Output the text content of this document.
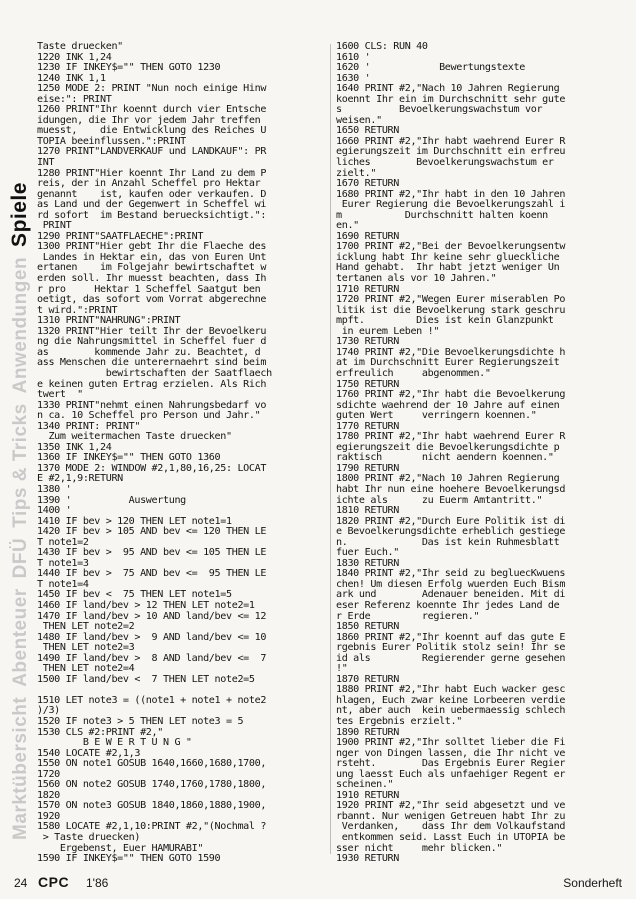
MarktübersichtAbenteuerDFÜTips & TricksAnwendungenSpiele
Taste druecken"
1220 INK 1,24
1230 IF INKEY$="" THEN GOTO 1230
1240 INK 1,1
1250 MODE 2: PRINT "Nun noch einige Hinw
eise:": PRINT
1260 PRINT"Ihr koennt durch vier Entsche
idungen, die Ihr vor jedem Jahr treffen
muesst,    die Entwicklung des Reiches U
TOPIA beeinflussen.":PRINT
1270 PRINT"LANDVERKAUF und LANDKAUF": PR
INT
1280 PRINT"Hier koennt Ihr Land zu dem P
reis, der in Anzahl Scheffel pro Hektar
genannt    ist, kaufen oder verkaufen. D
as Land und der Gegenwert in Scheffel wi
rd sofort  im Bestand beruecksichtigt.":
PRINT
1290 PRINT"SAATFLAECHE":PRINT
1300 PRINT"Hier gebt Ihr die Flaeche des
Landes in Hektar ein, das von Euren Unt
ertanen    im Folgejahr bewirtschaftet w
erden soll. Ihr muesst beachten, dass Ih
r pro     Hektar 1 Scheffel Saatgut ben
oetigt, das sofort vom Vorrat abgerechne
t wird.":PRINT
1310 PRINT"NAHRUNG":PRINT
1320 PRINT"Hier teilt Ihr der Bevoelkeru
ng die Nahrungsmittel in Scheffel fuer d
as        kommende Jahr zu. Beachtet, d
ass Menschen die unterernaehrt sind beim
bewirtschaften der Saatflaech
e keinen guten Ertrag erzielen. Als Rich
twert  "
1330 PRINT"nehmt einen Nahrungsbedarf vo
n ca. 10 Scheffel pro Person und Jahr."
1340 PRINT: PRINT"
Zum weitermachen Taste druecken"
1350 INK 1,24
1360 IF INKEY$="" THEN GOTO 1360
1370 MODE 2: WINDOW #2,1,80,16,25: LOCAT
E #2,1,9:RETURN
1380 '
1390 '          Auswertung
1400 '
1410 IF bev > 120 THEN LET note1=1
1420 IF bev > 105 AND bev <= 120 THEN LE
T note1=2
1430 IF bev >  95 AND bev <= 105 THEN LE
T note1=3
1440 IF bev >  75 AND bev <=  95 THEN LE
T note1=4
1450 IF bev <  75 THEN LET note1=5
1460 IF land/bev > 12 THEN LET note2=1
1470 IF land/bev > 10 AND land/bev <= 12
THEN LET note2=2
1480 IF land/bev >  9 AND land/bev <= 10
THEN LET note2=3
1490 IF land/bev >  8 AND land/bev <=  7
THEN LET note2=4
1500 IF land/bev <  7 THEN LET note2=5
1510 LET note3 = ((note1 + note1 + note2
)/3)
1520 IF note3 > 5 THEN LET note3 = 5
1530 CLS #2:PRINT #2,"
B E W E R T U N G "
1540 LOCATE #2,1,3
1550 ON note1 GOSUB 1640,1660,1680,1700,
1720
1560 ON note2 GOSUB 1740,1760,1780,1800,
1820
1570 ON note3 GOSUB 1840,1860,1880,1900,
1920
1580 LOCATE #2,1,10:PRINT #2,"(Nochmal ?
> Taste druecken)
Ergebenst, Euer HAMURABI"
1590 IF INKEY$="" THEN GOTO 1590
1600 CLS: RUN 40
1610 '
1620 '            Bewertungstexte
1630 '
1640 PRINT #2,"Nach 10 Jahren Regierung
koennt Ihr ein im Durchschnitt sehr gute
s          Bevoelkerungswachstum vor
weisen."
1650 RETURN
1660 PRINT #2,"Ihr habt waehrend Eurer R
egierungszeit im Durchschnitt ein erfreu
liches        Bevoelkerungswachstum er
zielt."
1670 RETURN
1680 PRINT #2,"Ihr habt in den 10 Jahren
Eurer Regierung die Bevoelkerungszahl i
m           Durchschnitt halten koenn
en."
1690 RETURN
1700 PRINT #2,"Bei der Bevoelkerungsentw
icklung habt Ihr keine sehr glueckliche
Hand gehabt.  Ihr habt jetzt weniger Un
tertanen als vor 10 Jahren."
1710 RETURN
1720 PRINT #2,"Wegen Eurer miserablen Po
litik ist die Bevoelkerung stark geschru
mpft.         Dies ist kein Glanzpunkt
in eurem Leben !"
1730 RETURN
1740 PRINT #2,"Die Bevoelkerungsdichte h
at im Durchschnitt Eurer Regierungszeit
erfreulich     abgenommen."
1750 RETURN
1760 PRINT #2,"Ihr habt die Bevoelkerung
sdichte waehrend der 10 Jahre auf einen
guten Wert     verringern koennen."
1770 RETURN
1780 PRINT #2,"Ihr habt waehrend Eurer R
egierungszeit die Bevoelkerungsdichte p
raktisch       nicht aendern koennen."
1790 RETURN
1800 PRINT #2,"Nach 10 Jahren Regierung
habt Ihr nun eine hoehere Bevoelkerungsd
ichte als      zu Euerm Amtantritt."
1810 RETURN
1820 PRINT #2,"Durch Eure Politik ist di
e Bevoelkerungsdichte erheblich gestiege
n.             Das ist kein Ruhmesblatt
fuer Euch."
1830 RETURN
1840 PRINT #2,"Ihr seid zu begluecKwuens
chen! Um diesen Erfolg wuerden Euch Bism
ark und        Adenauer beneiden. Mit di
eser Referenz koennte Ihr jedes Land de
r Erde         regieren."
1850 RETURN
1860 PRINT #2,"Ihr koennt auf das gute E
rgebnis Eurer Politik stolz sein! Ihr se
id als         Regierender gerne gesehen
!"
1870 RETURN
1880 PRINT #2,"Ihr habt Euch wacker gesc
hlagen, Euch zwar keine Lorbeeren verdie
nt, aber auch  kein uebermaessig schlech
tes Ergebnis erzielt."
1890 RETURN
1900 PRINT #2,"Ihr solltet lieber die Fi
nger von Dingen lassen, die Ihr nicht ve
rsteht.        Das Ergebnis Eurer Regier
ung laesst Euch als unfaehiger Regent er
scheinen."
1910 RETURN
1920 PRINT #2,"Ihr seid abgesetzt und ve
rbannt. Nur wenigen Getreuen habt Ihr zu
Verdanken,    dass Ihr dem Volkaufstand
entkommen seid. Lasst Euch in UTOPIA be
sser nicht     mehr blicken."
1930 RETURN
24 CPC 1'86	Sonderheft
